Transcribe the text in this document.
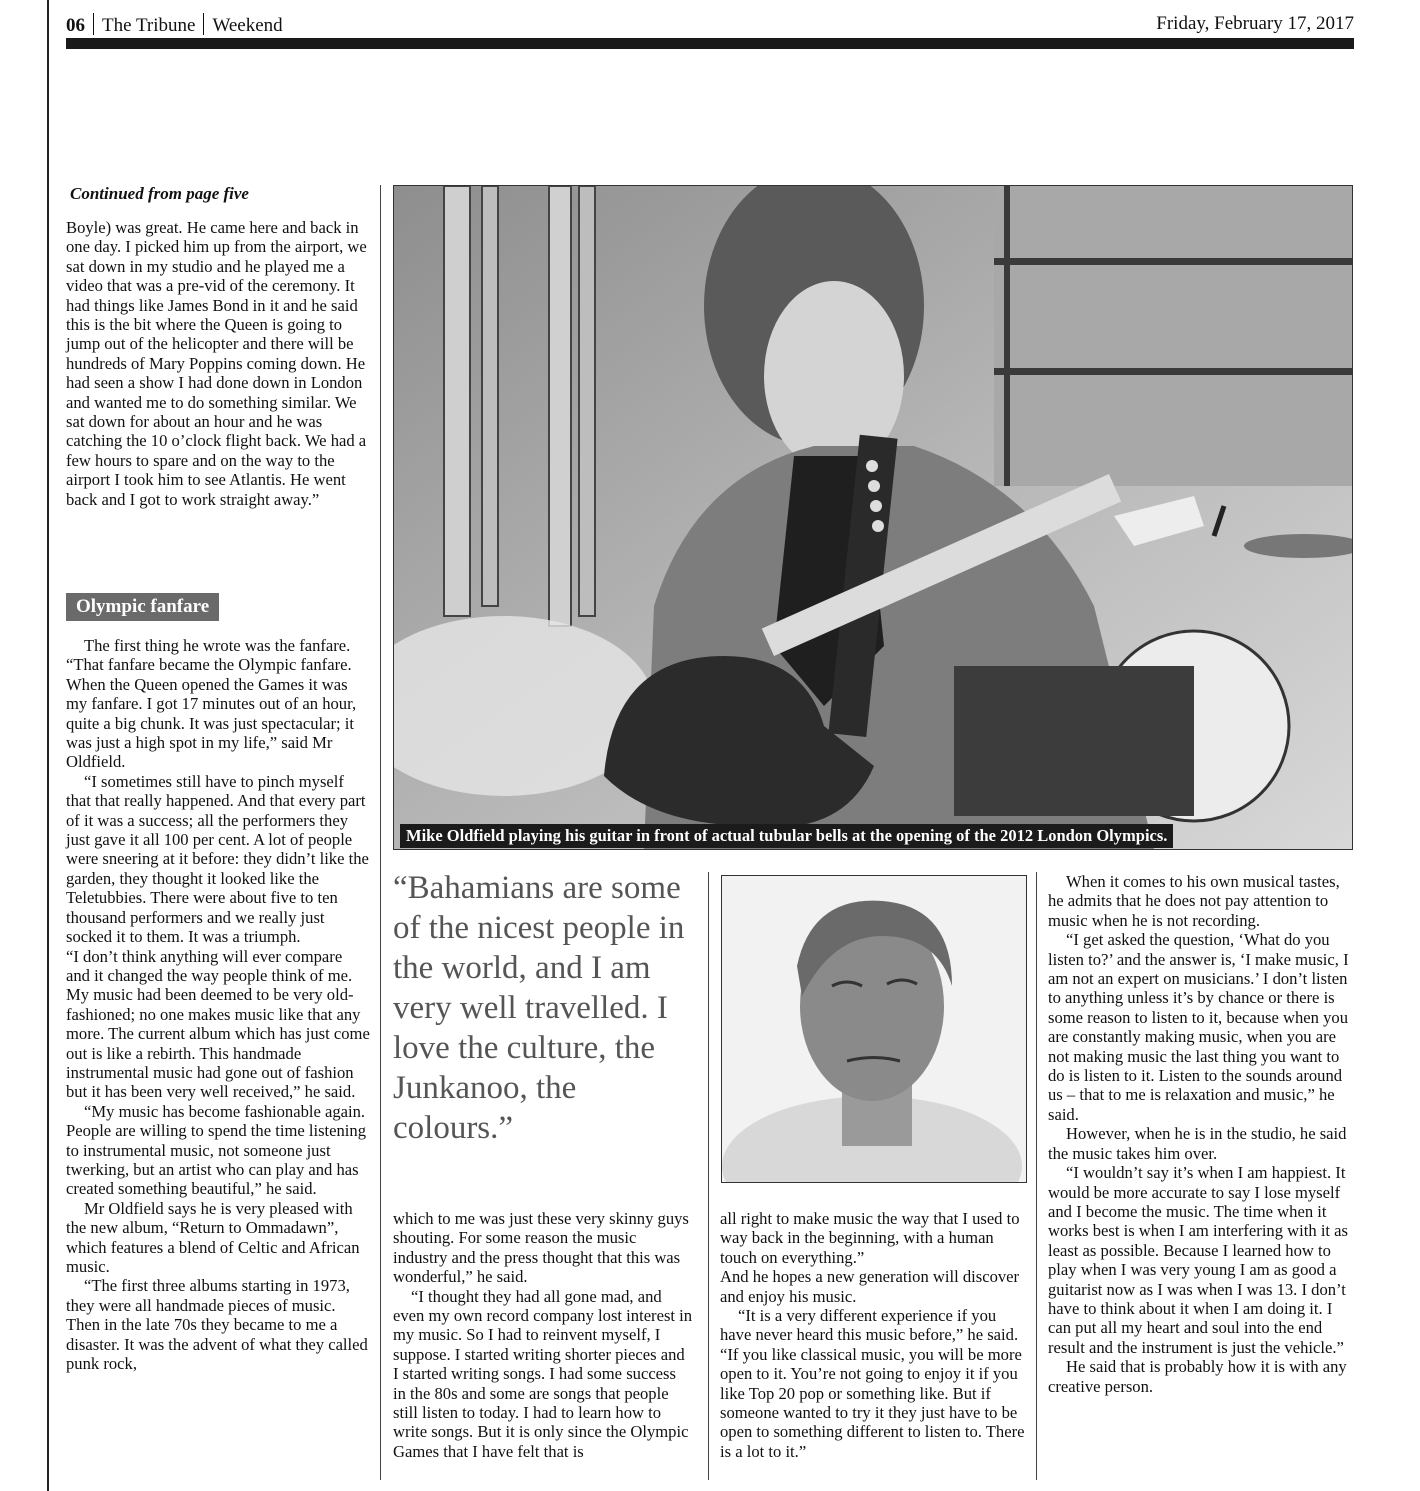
06 The Tribune Weekend	Friday, February 17, 2017
Continued from page five

Boyle) was great. He came here and back in one day. I picked him up from the airport, we sat down in my studio and he played me a video that was a pre-vid of the ceremony. It had things like James Bond in it and he said this is the bit where the Queen is going to jump out of the helicopter and there will be hundreds of Mary Poppins coming down. He had seen a show I had done down in London and wanted me to do something similar. We sat down for about an hour and he was catching the 10 o’clock flight back. We had a few hours to spare and on the way to the airport I took him to see Atlantis. He went back and I got to work straight away.”

Olympic fanfare

The first thing he wrote was the fanfare. “That fanfare became the Olympic fanfare. When the Queen opened the Games it was my fanfare. I got 17 minutes out of an hour, quite a big chunk. It was just spectacular; it was just a high spot in my life,” said Mr Oldfield.

“I sometimes still have to pinch myself that that really happened. And that every part of it was a success; all the performers they just gave it all 100 per cent. A lot of people were sneering at it before: they didn’t like the garden, they thought it looked like the Teletubbies. There were about five to ten thousand performers and we really just socked it to them. It was a triumph.

“I don’t think anything will ever compare and it changed the way people think of me. My music had been deemed to be very old-fashioned; no one makes music like that any more. The current album which has just come out is like a rebirth. This handmade instrumental music had gone out of fashion but it has been very well received,” he said.

“My music has become fashionable again. People are willing to spend the time listening to instrumental music, not someone just twerking, but an artist who can play and has created something beautiful,” he said.

Mr Oldfield says he is very pleased with the new album, “Return to Ommadawn”, which features a blend of Celtic and African music.

“The first three albums starting in 1973, they were all handmade pieces of music. Then in the late 70s they became to me a disaster. It was the advent of what they called punk rock,

Mike Oldfield playing his guitar in front of actual tubular bells at the opening of the 2012 London Olympics.
“Bahamians are some of the nicest people in the world, and I am very well travelled. I love the culture, the Junkanoo, the colours.”

which to me was just these very skinny guys shouting. For some reason the music industry and the press thought that this was wonderful,” he said.

“I thought they had all gone mad, and even my own record company lost interest in my music. So I had to reinvent myself, I suppose. I started writing shorter pieces and I started writing songs. I had some success in the 80s and some are songs that people still listen to today. I had to learn how to write songs. But it is only since the Olympic Games that I have felt that is

all right to make music the way that I used to way back in the beginning, with a human touch on everything.”

And he hopes a new generation will discover and enjoy his music.

“It is a very different experience if you have never heard this music before,” he said. “If you like classical music, you will be more open to it. You’re not going to enjoy it if you like Top 20 pop or something like. But if someone wanted to try it they just have to be open to something different to listen to. There is a lot to it.”

When it comes to his own musical tastes, he admits that he does not pay attention to music when he is not recording.

“I get asked the question, ‘What do you listen to?’ and the answer is, ‘I make music, I am not an expert on musicians.’ I don’t listen to anything unless it’s by chance or there is some reason to listen to it, because when you are constantly making music, when you are not making music the last thing you want to do is listen to it. Listen to the sounds around us – that to me is relaxation and music,” he said.

However, when he is in the studio, he said the music takes him over.

“I wouldn’t say it’s when I am happiest. It would be more accurate to say I lose myself and I become the music. The time when it works best is when I am interfering with it as least as possible. Because I learned how to play when I was very young I am as good a guitarist now as I was when I was 13. I don’t have to think about it when I am doing it. I can put all my heart and soul into the end result and the instrument is just the vehicle.”

He said that is probably how it is with any creative person.
